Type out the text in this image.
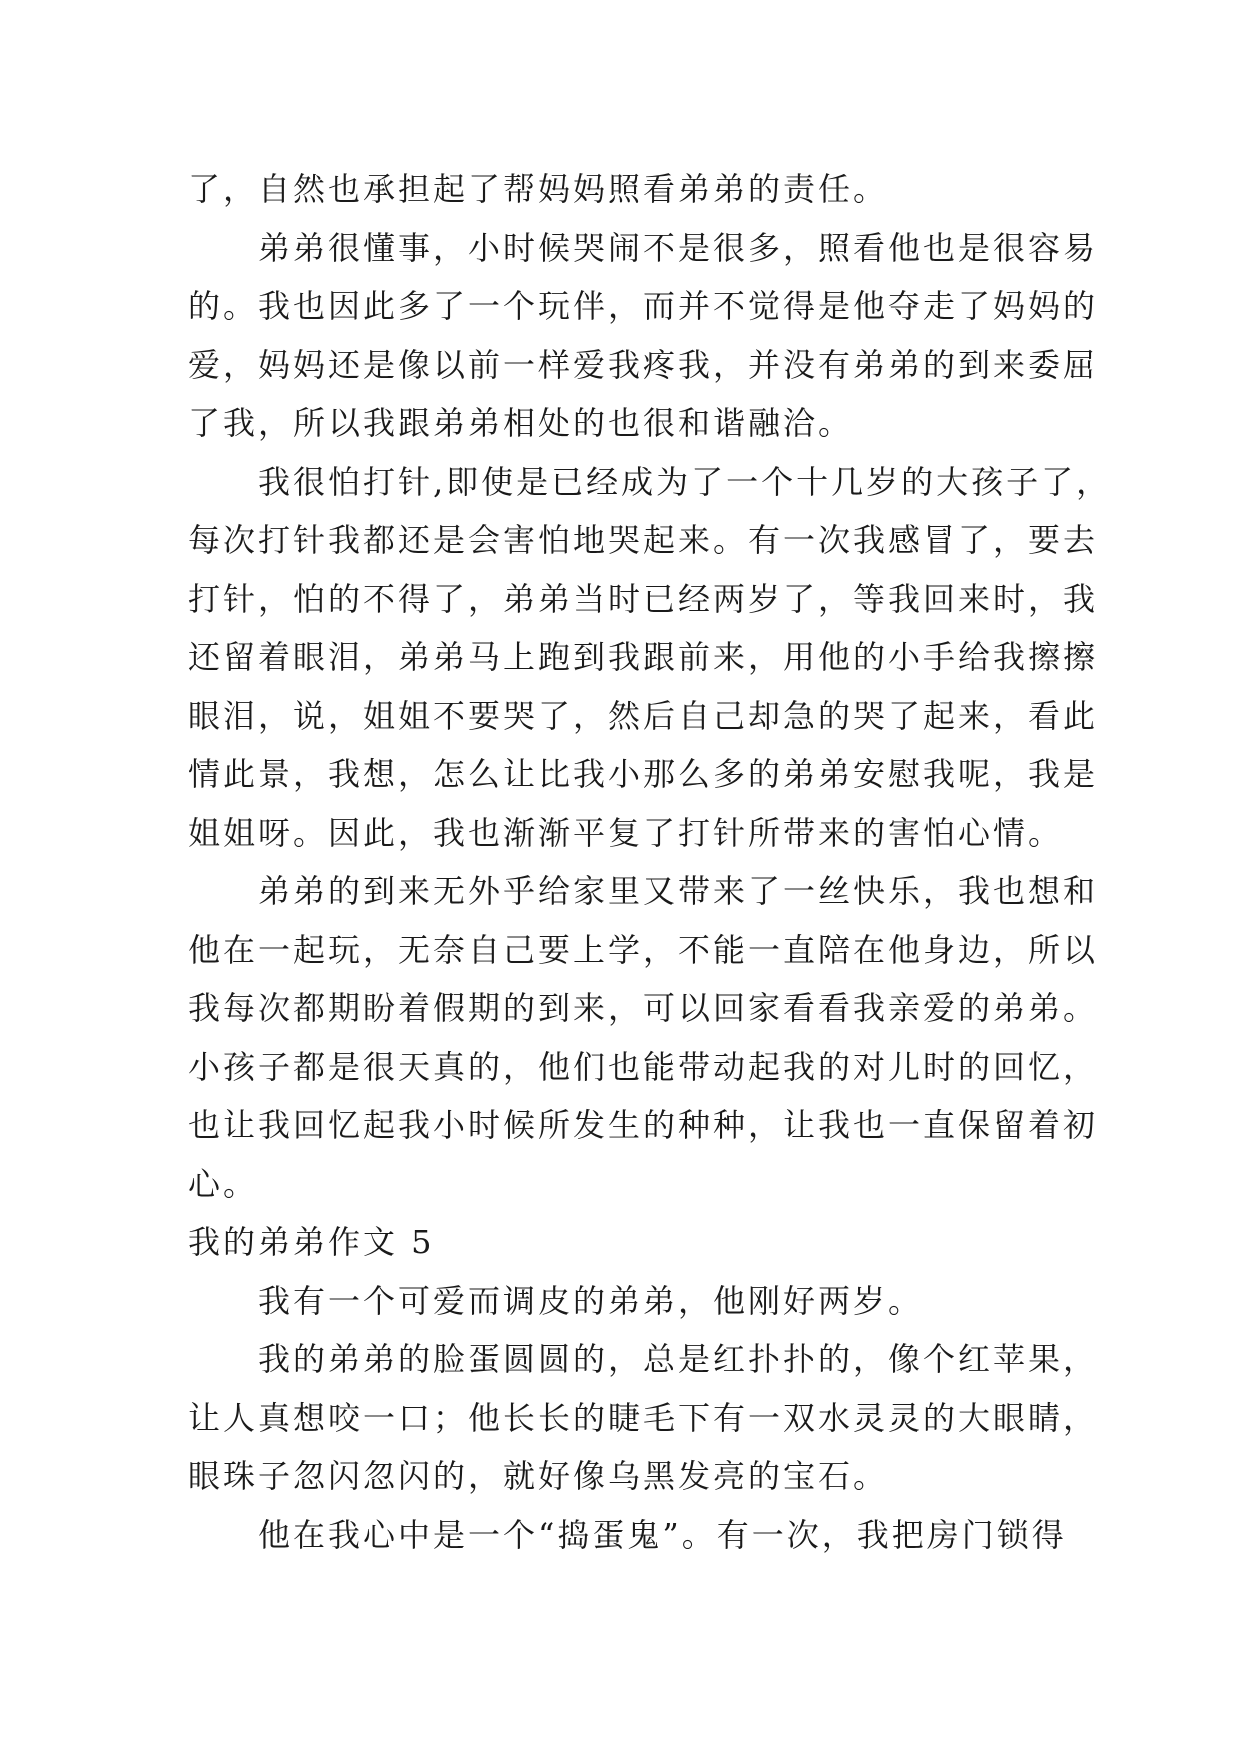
了，自然也承担起了帮妈妈照看弟弟的责任。
弟弟很懂事，小时候哭闹不是很多，照看他也是很容易
的。我也因此多了一个玩伴，而并不觉得是他夺走了妈妈的
爱，妈妈还是像以前一样爱我疼我，并没有弟弟的到来委屈
了我，所以我跟弟弟相处的也很和谐融洽。
我很怕打针,即使是已经成为了一个十几岁的大孩子了，
每次打针我都还是会害怕地哭起来。有一次我感冒了，要去
打针，怕的不得了，弟弟当时已经两岁了，等我回来时，我
还留着眼泪，弟弟马上跑到我跟前来，用他的小手给我擦擦
眼泪，说，姐姐不要哭了，然后自己却急的哭了起来，看此
情此景，我想，怎么让比我小那么多的弟弟安慰我呢，我是
姐姐呀。因此，我也渐渐平复了打针所带来的害怕心情。
弟弟的到来无外乎给家里又带来了一丝快乐，我也想和
他在一起玩，无奈自己要上学，不能一直陪在他身边，所以
我每次都期盼着假期的到来，可以回家看看我亲爱的弟弟。
小孩子都是很天真的，他们也能带动起我的对儿时的回忆，
也让我回忆起我小时候所发生的种种，让我也一直保留着初
心。
我的弟弟作文 5
我有一个可爱而调皮的弟弟，他刚好两岁。
我的弟弟的脸蛋圆圆的，总是红扑扑的，像个红苹果，
让人真想咬一口；他长长的睫毛下有一双水灵灵的大眼睛，
眼珠子忽闪忽闪的，就好像乌黑发亮的宝石。
他在我心中是一个“捣蛋鬼”。有一次，我把房门锁得
